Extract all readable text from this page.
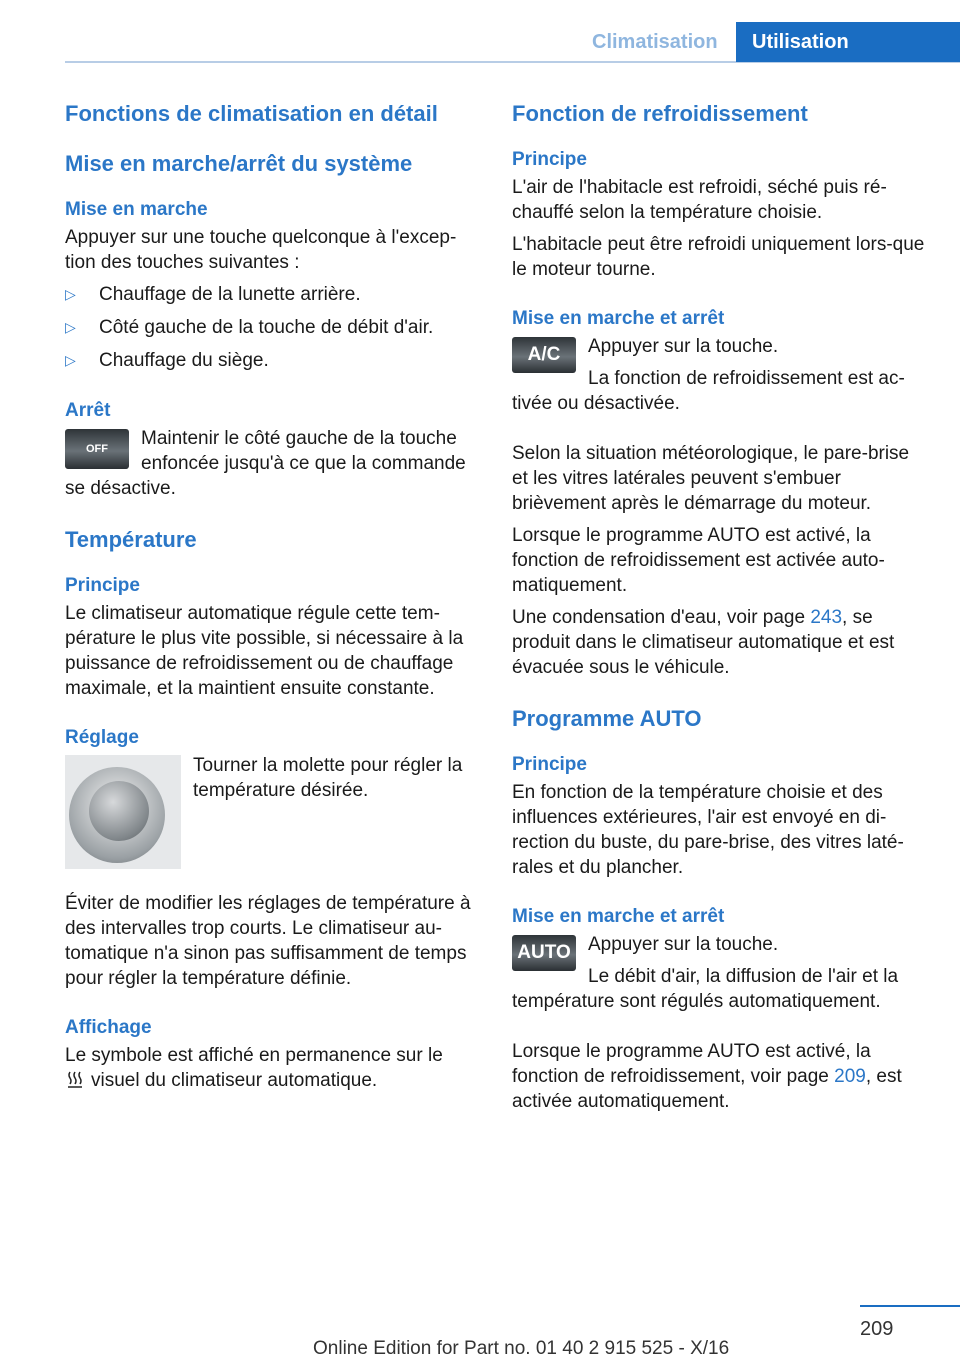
Climatisation	Utilisation
Fonctions de climatisation en détail
Mise en marche/arrêt du système
Mise en marche

Appuyer sur une touche quelconque à l'excep-tion des touches suivantes :

▷ Chauffage de la lunette arrière.
▷ Côté gauche de la touche de débit d'air.
▷ Chauffage du siège.
Arrêt
OFF	Maintenir le côté gauche de la touche enfoncée jusqu'à ce que la commande se désactive.

Température
Principe

Le climatiseur automatique régule cette tem-pérature le plus vite possible, si nécessaire à la puissance de refroidissement ou de chauffage maximale, et la maintient ensuite constante.

Réglage

Tourner la molette pour régler la température désirée.

Éviter de modifier les réglages de température à des intervalles trop courts. Le climatiseur au-tomatique n'a sinon pas suffisamment de temps pour régler la température définie.

Affichage

Le symbole est affiché en permanence sur le
visuel du climatiseur automatique.

Fonction de refroidissement
Principe

L'air de l'habitacle est refroidi, séché puis ré-chauffé selon la température choisie.

L'habitacle peut être refroidi uniquement lors-que le moteur tourne.

Mise en marche et arrêt
A/C	Appuyer sur la touche.

La fonction de refroidissement est ac-tivée ou désactivée.

Selon la situation météorologique, le pare-brise et les vitres latérales peuvent s'embuer brièvement après le démarrage du moteur.

Lorsque le programme AUTO est activé, la fonction de refroidissement est activée auto-matiquement.

Une condensation d'eau, voir page 243, se produit dans le climatiseur automatique et est évacuée sous le véhicule.

Programme AUTO
Principe

En fonction de la température choisie et des influences extérieures, l'air est envoyé en di-rection du buste, du pare-brise, des vitres laté-rales et du plancher.

Mise en marche et arrêt
AUTO Appuyer sur la touche.

Le débit d'air, la diffusion de l'air et la température sont régulés automatiquement.

Lorsque le programme AUTO est activé, la fonction de refroidissement, voir page 209, est activée automatiquement.

209
Online Edition for Part no. 01 40 2 915 525 - X/16
